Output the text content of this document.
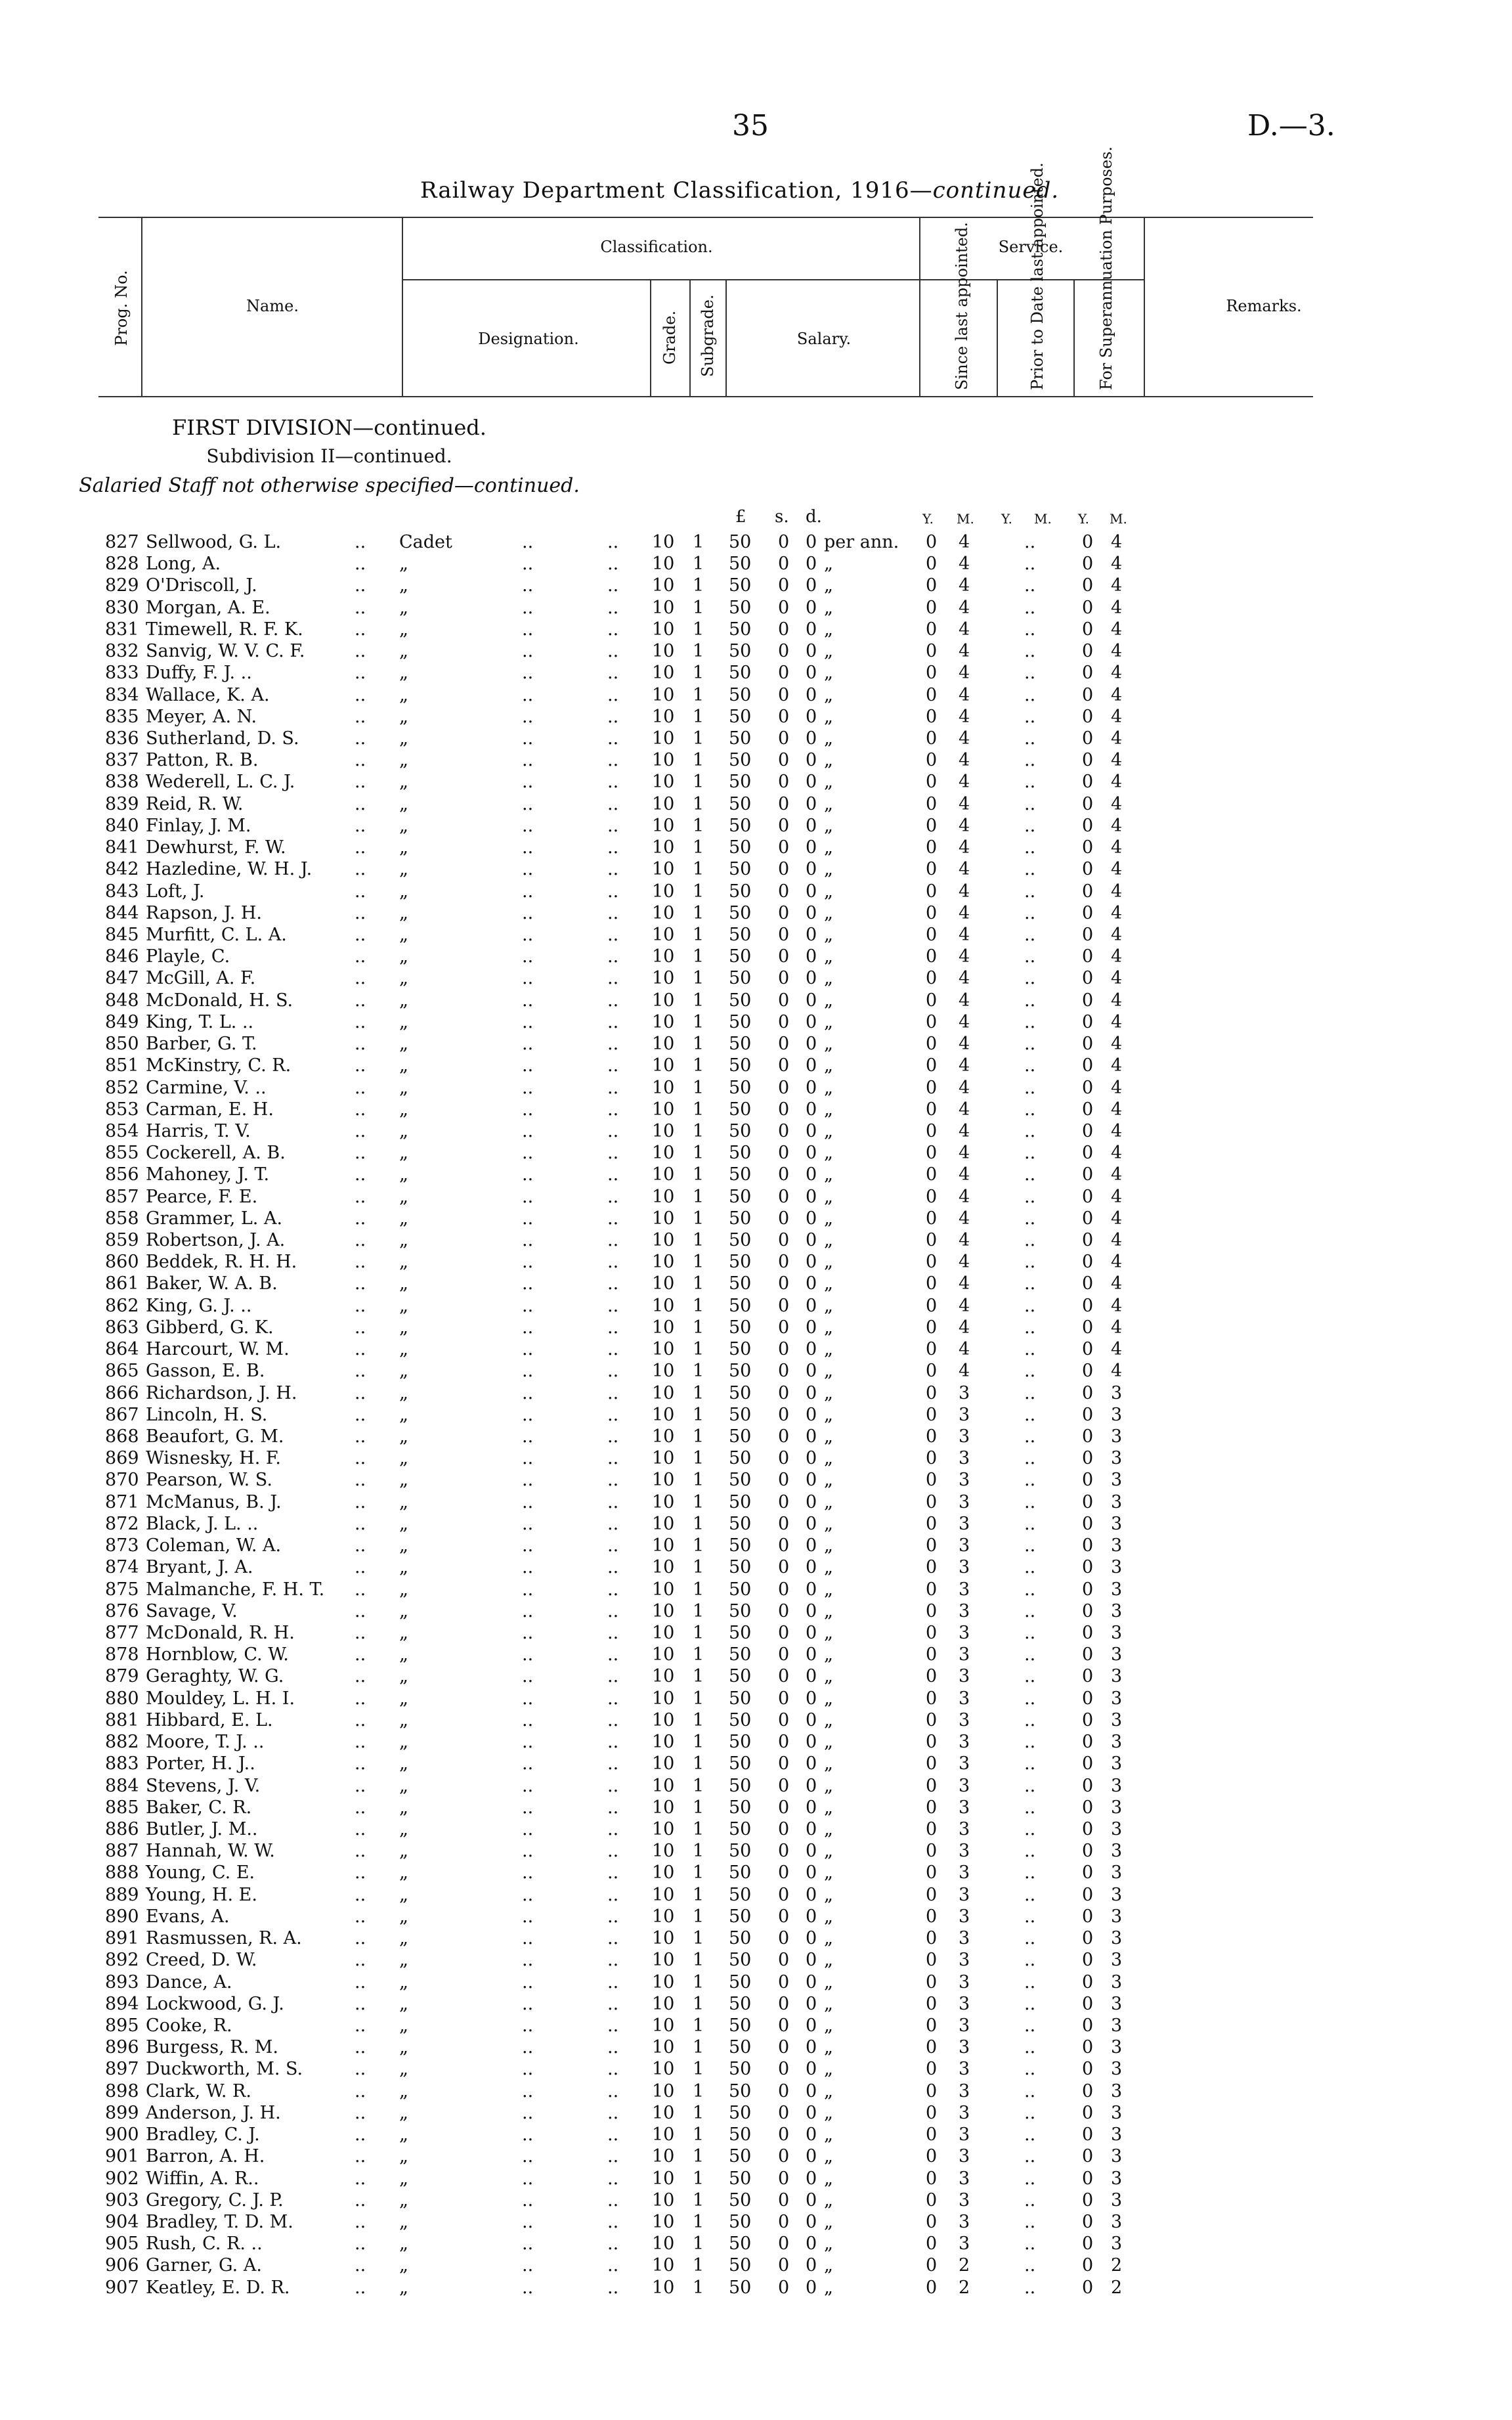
35	D.—3.
Railway Department Classification, 1916—continued.
Prog. No.	Name.
Classification.
Designation.	Grade. Subgrade.	Salary.
Service.
Since last appointed.	Prior to Date last appointed.	For Superannuation Purposes.	Remarks.
FIRST DIVISION—continued.
Subdivision II—continued.
Salaried Staff not otherwise specified—continued.
£ s. d.	Y. M. Y. M. Y. M.
827 Sellwood, G. L.	.. Cadet	..	.. 10 1 50 0 0 per ann. 0 4	..	0 4
828 Long, A.	.. „	..	.. 10 1 50 0 0 „	0 4	..	0 4
829 O'Driscoll, J.	.. „	..	.. 10 1 50 0 0 „	0 4	..	0 4
830 Morgan, A. E.	.. „	..	.. 10 1 50 0 0 „	0 4	..	0 4
831 Timewell, R. F. K.	.. „	..	.. 10 1 50 0 0 „	0 4	..	0 4
832 Sanvig, W. V. C. F.	.. „	..	.. 10 1 50 0 0 „	0 4	..	0 4
833 Duffy, F. J. ..	.. „	..	.. 10 1 50 0 0 „	0 4	..	0 4
834 Wallace, K. A.	.. „	..	.. 10 1 50 0 0 „	0 4	..	0 4
835 Meyer, A. N.	.. „	..	.. 10 1 50 0 0 „	0 4	..	0 4
836 Sutherland, D. S.	.. „	..	.. 10 1 50 0 0 „	0 4	..	0 4
837 Patton, R. B.	.. „	..	.. 10 1 50 0 0 „	0 4	..	0 4
838 Wederell, L. C. J.	.. „	..	.. 10 1 50 0 0 „	0 4	..	0 4
839 Reid, R. W.	.. „	..	.. 10 1 50 0 0 „	0 4	..	0 4
840 Finlay, J. M.	.. „	..	.. 10 1 50 0 0 „	0 4	..	0 4
841 Dewhurst, F. W.	.. „	..	.. 10 1 50 0 0 „	0 4	..	0 4
842 Hazledine, W. H. J. .. „	..	.. 10 1 50 0 0 „	0 4	..	0 4
843 Loft, J.	.. „	..	.. 10 1 50 0 0 „	0 4	..	0 4
844 Rapson, J. H.	.. „	..	.. 10 1 50 0 0 „	0 4	..	0 4
845 Murfitt, C. L. A.	.. „	..	.. 10 1 50 0 0 „	0 4	..	0 4
846 Playle, C.	.. „	..	.. 10 1 50 0 0 „	0 4	..	0 4
847 McGill, A. F.	.. „	..	.. 10 1 50 0 0 „	0 4	..	0 4
848 McDonald, H. S.	.. „	..	.. 10 1 50 0 0 „	0 4	..	0 4
849 King, T. L. ..	.. „	..	.. 10 1 50 0 0 „	0 4	..	0 4
850 Barber, G. T.	.. „	..	.. 10 1 50 0 0 „	0 4	..	0 4
851 McKinstry, C. R.	.. „	..	.. 10 1 50 0 0 „	0 4	..	0 4
852 Carmine, V. ..	.. „	..	.. 10 1 50 0 0 „	0 4	..	0 4
853 Carman, E. H.	.. „	..	.. 10 1 50 0 0 „	0 4	..	0 4
854 Harris, T. V.	.. „	..	.. 10 1 50 0 0 „	0 4	..	0 4
855 Cockerell, A. B.	.. „	..	.. 10 1 50 0 0 „	0 4	..	0 4
856 Mahoney, J. T.	.. „	..	.. 10 1 50 0 0 „	0 4	..	0 4
857 Pearce, F. E.	.. „	..	.. 10 1 50 0 0 „	0 4	..	0 4
858 Grammer, L. A.	.. „	..	.. 10 1 50 0 0 „	0 4	..	0 4
859 Robertson, J. A.	.. „	..	.. 10 1 50 0 0 „	0 4	..	0 4
860 Beddek, R. H. H.	.. „	..	.. 10 1 50 0 0 „	0 4	..	0 4
861 Baker, W. A. B.	.. „	..	.. 10 1 50 0 0 „	0 4	..	0 4
862 King, G. J. ..	.. „	..	.. 10 1 50 0 0 „	0 4	..	0 4
863 Gibberd, G. K.	.. „	..	.. 10 1 50 0 0 „	0 4	..	0 4
864 Harcourt, W. M.	.. „	..	.. 10 1 50 0 0 „	0 4	..	0 4
865 Gasson, E. B.	.. „	..	.. 10 1 50 0 0 „	0 4	..	0 4
866 Richardson, J. H.	.. „	..	.. 10 1 50 0 0 „	0 3	..	0 3
867 Lincoln, H. S.	.. „	..	.. 10 1 50 0 0 „	0 3	..	0 3
868 Beaufort, G. M.	.. „	..	.. 10 1 50 0 0 „	0 3	..	0 3
869 Wisnesky, H. F.	.. „	..	.. 10 1 50 0 0 „	0 3	..	0 3
870 Pearson, W. S.	.. „	..	.. 10 1 50 0 0 „	0 3	..	0 3
871 McManus, B. J.	.. „	..	.. 10 1 50 0 0 „	0 3	..	0 3
872 Black, J. L. ..	.. „	..	.. 10 1 50 0 0 „	0 3	..	0 3
873 Coleman, W. A.	.. „	..	.. 10 1 50 0 0 „	0 3	..	0 3
874 Bryant, J. A.	.. „	..	.. 10 1 50 0 0 „	0 3	..	0 3
875 Malmanche, F. H. T. .. „	..	.. 10 1 50 0 0 „	0 3	..	0 3
876 Savage, V.	.. „	..	.. 10 1 50 0 0 „	0 3	..	0 3
877 McDonald, R. H.	.. „	..	.. 10 1 50 0 0 „	0 3	..	0 3
878 Hornblow, C. W.	.. „	..	.. 10 1 50 0 0 „	0 3	..	0 3
879 Geraghty, W. G.	.. „	..	.. 10 1 50 0 0 „	0 3	..	0 3
880 Mouldey, L. H. I.	.. „	..	.. 10 1 50 0 0 „	0 3	..	0 3
881 Hibbard, E. L.	.. „	..	.. 10 1 50 0 0 „	0 3	..	0 3
882 Moore, T. J. ..	.. „	..	.. 10 1 50 0 0 „	0 3	..	0 3
883 Porter, H. J..	.. „	..	.. 10 1 50 0 0 „	0 3	..	0 3
884 Stevens, J. V.	.. „	..	.. 10 1 50 0 0 „	0 3	..	0 3
885 Baker, C. R.	.. „	..	.. 10 1 50 0 0 „	0 3	..	0 3
886 Butler, J. M..	.. „	..	.. 10 1 50 0 0 „	0 3	..	0 3
887 Hannah, W. W.	.. „	..	.. 10 1 50 0 0 „	0 3	..	0 3
888 Young, C. E.	.. „	..	.. 10 1 50 0 0 „	0 3	..	0 3
889 Young, H. E.	.. „	..	.. 10 1 50 0 0 „	0 3	..	0 3
890 Evans, A.	.. „	..	.. 10 1 50 0 0 „	0 3	..	0 3
891 Rasmussen, R. A.	.. „	..	.. 10 1 50 0 0 „	0 3	..	0 3
892 Creed, D. W.	.. „	..	.. 10 1 50 0 0 „	0 3	..	0 3
893 Dance, A.	.. „	..	.. 10 1 50 0 0 „	0 3	..	0 3
894 Lockwood, G. J.	.. „	..	.. 10 1 50 0 0 „	0 3	..	0 3
895 Cooke, R.	.. „	..	.. 10 1 50 0 0 „	0 3	..	0 3
896 Burgess, R. M.	.. „	..	.. 10 1 50 0 0 „	0 3	..	0 3
897 Duckworth, M. S.	.. „	..	.. 10 1 50 0 0 „	0 3	..	0 3
898 Clark, W. R.	.. „	..	.. 10 1 50 0 0 „	0 3	..	0 3
899 Anderson, J. H.	.. „	..	.. 10 1 50 0 0 „	0 3	..	0 3
900 Bradley, C. J.	.. „	..	.. 10 1 50 0 0 „	0 3	..	0 3
901 Barron, A. H.	.. „	..	.. 10 1 50 0 0 „	0 3	..	0 3
902 Wiffin, A. R..	.. „	..	.. 10 1 50 0 0 „	0 3	..	0 3
903 Gregory, C. J. P.	.. „	..	.. 10 1 50 0 0 „	0 3	..	0 3
904 Bradley, T. D. M.	.. „	..	.. 10 1 50 0 0 „	0 3	..	0 3
905 Rush, C. R. ..	.. „	..	.. 10 1 50 0 0 „	0 3	..	0 3
906 Garner, G. A.	.. „	..	.. 10 1 50 0 0 „	0 2	..	0 2
907 Keatley, E. D. R.	.. „	..	.. 10 1 50 0 0 „	0 2	..	0 2
